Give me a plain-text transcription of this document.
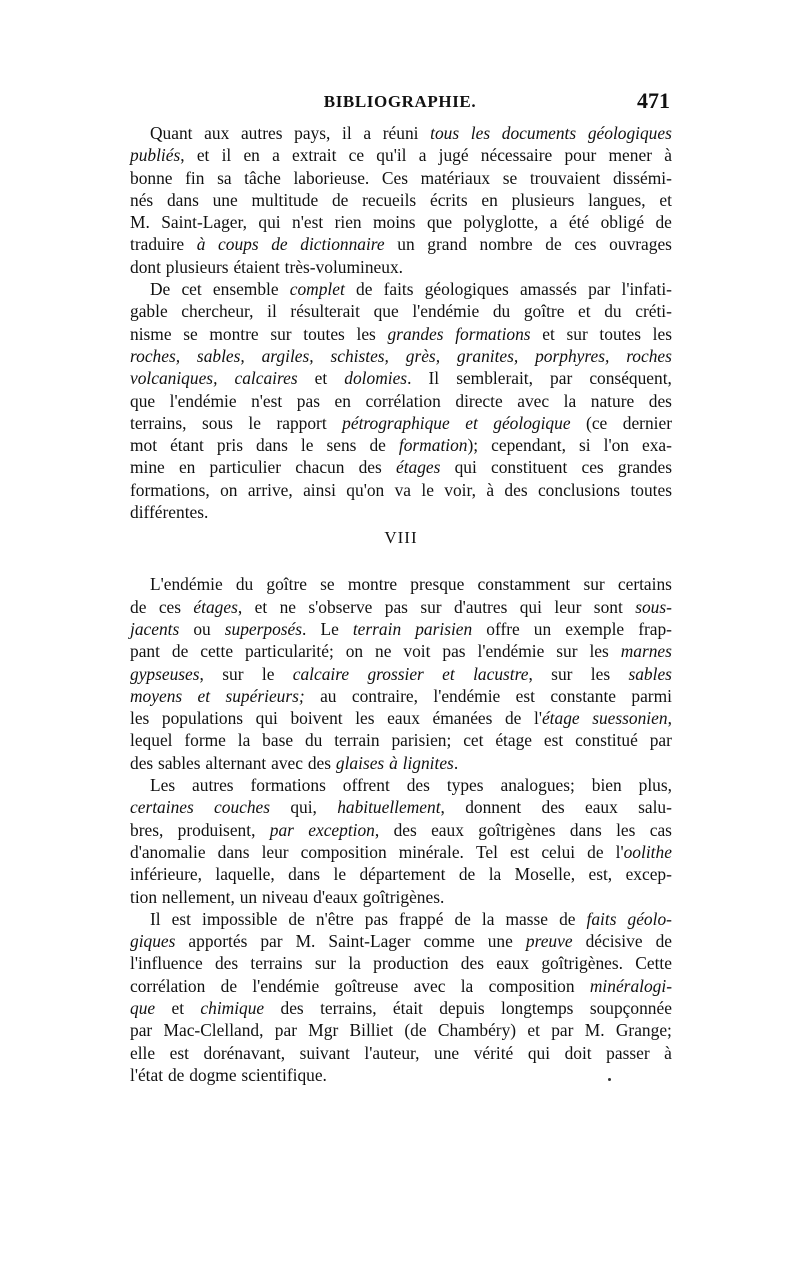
BIBLIOGRAPHIE.	471
Quant aux autres pays, il a réuni tous les documents géologiques
publiés, et il en a extrait ce qu'il a jugé nécessaire pour mener à
bonne fin sa tâche laborieuse. Ces matériaux se trouvaient dissémi-
nés dans une multitude de recueils écrits en plusieurs langues, et
M. Saint-Lager, qui n'est rien moins que polyglotte, a été obligé de
traduire à coups de dictionnaire un grand nombre de ces ouvrages
dont plusieurs étaient très-volumineux.
De cet ensemble complet de faits géologiques amassés par l'infati-
gable chercheur, il résulterait que l'endémie du goître et du créti-
nisme se montre sur toutes les grandes formations et sur toutes les
roches, sables, argiles, schistes, grès, granites, porphyres, roches
volcaniques, calcaires et dolomies. Il semblerait, par conséquent,
que l'endémie n'est pas en corrélation directe avec la nature des
terrains, sous le rapport pétrographique et géologique (ce dernier
mot étant pris dans le sens de formation); cependant, si l'on exa-
mine en particulier chacun des étages qui constituent ces grandes
formations, on arrive, ainsi qu'on va le voir, à des conclusions toutes
différentes.
VIII
L'endémie du goître se montre presque constamment sur certains
de ces étages, et ne s'observe pas sur d'autres qui leur sont sous-
jacents ou superposés. Le terrain parisien offre un exemple frap-
pant de cette particularité; on ne voit pas l'endémie sur les marnes
gypseuses, sur le calcaire grossier et lacustre, sur les sables
moyens et supérieurs; au contraire, l'endémie est constante parmi
les populations qui boivent les eaux émanées de l'étage suessonien,
lequel forme la base du terrain parisien; cet étage est constitué par
des sables alternant avec des glaises à lignites.
Les autres formations offrent des types analogues; bien plus,
certaines couches qui, habituellement, donnent des eaux salu-
bres, produisent, par exception, des eaux goîtrigènes dans les cas
d'anomalie dans leur composition minérale. Tel est celui de l'oolithe
inférieure, laquelle, dans le département de la Moselle, est, excep-
tion nellement, un niveau d'eaux goîtrigènes.
Il est impossible de n'être pas frappé de la masse de faits géolo-
giques apportés par M. Saint-Lager comme une preuve décisive de
l'influence des terrains sur la production des eaux goîtrigènes. Cette
corrélation de l'endémie goîtreuse avec la composition minéralogi-
que et chimique des terrains, était depuis longtemps soupçonnée
par Mac-Clelland, par Mgr Billiet (de Chambéry) et par M. Grange;
elle est dorénavant, suivant l'auteur, une vérité qui doit passer à
l'état de dogme scientifique.
